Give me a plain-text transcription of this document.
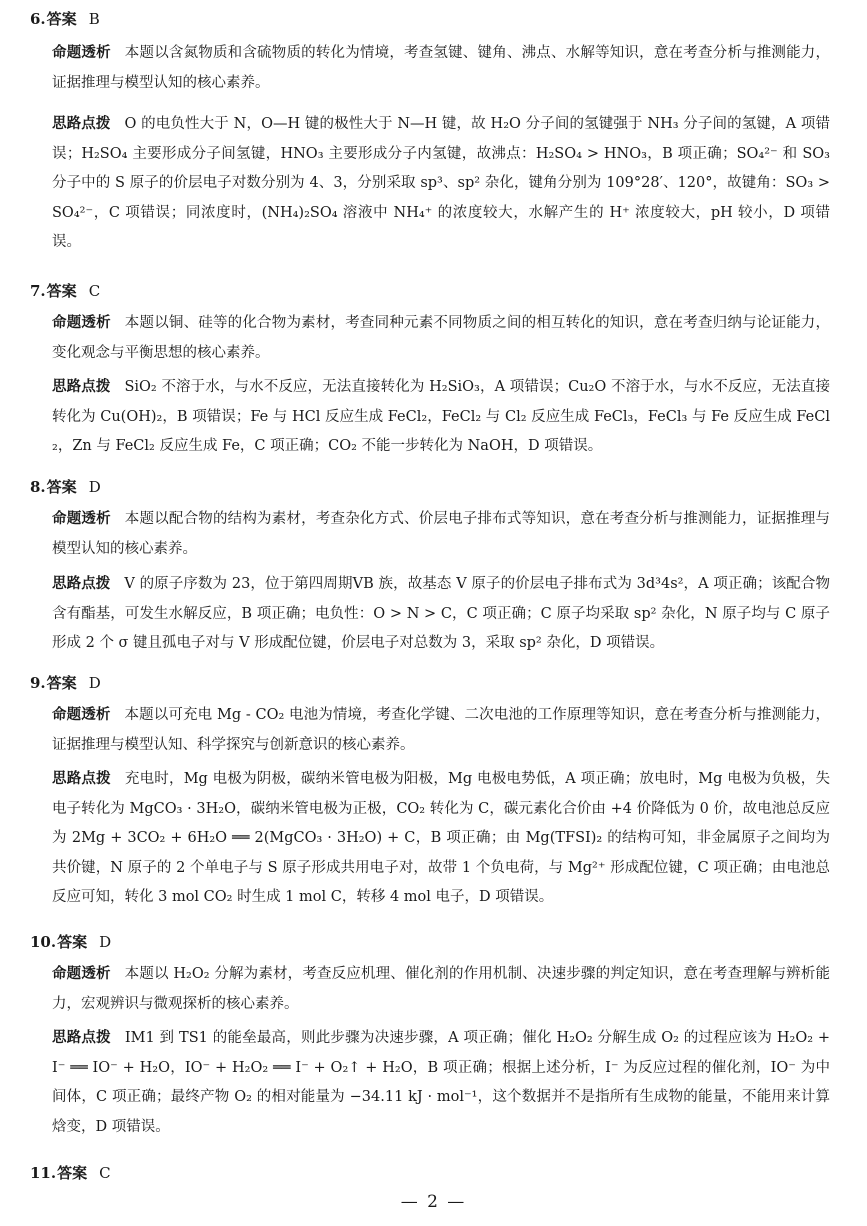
6.答案 B
命题透析 本题以含氮物质和含硫物质的转化为情境，考查氢键、键角、沸点、水解等知识，意在考查分析与推测能力，证据推理与模型认知的核心素养。
思路点拨 O 的电负性大于 N，O—H 键的极性大于 N—H 键，故 H₂O 分子间的氢键强于 NH₃ 分子间的氢键，A 项错误；H₂SO₄ 主要形成分子间氢键，HNO₃ 主要形成分子内氢键，故沸点：H₂SO₄ > HNO₃，B 项正确；SO₄²⁻ 和 SO₃ 分子中的 S 原子的价层电子对数分别为 4、3，分别采取 sp³、sp² 杂化，键角分别为 109°28′、120°，故键角：SO₃ > SO₄²⁻，C 项错误；同浓度时，(NH₄)₂SO₄ 溶液中 NH₄⁺ 的浓度较大，水解产生的 H⁺ 浓度较大，pH 较小，D 项错误。
7.答案 C
命题透析 本题以铜、硅等的化合物为素材，考查同种元素不同物质之间的相互转化的知识，意在考查归纳与论证能力，变化观念与平衡思想的核心素养。
思路点拨 SiO₂ 不溶于水，与水不反应，无法直接转化为 H₂SiO₃，A 项错误；Cu₂O 不溶于水，与水不反应，无法直接转化为 Cu(OH)₂，B 项错误；Fe 与 HCl 反应生成 FeCl₂，FeCl₂ 与 Cl₂ 反应生成 FeCl₃，FeCl₃ 与 Fe 反应生成 FeCl₂，Zn 与 FeCl₂ 反应生成 Fe，C 项正确；CO₂ 不能一步转化为 NaOH，D 项错误。
8.答案 D
命题透析 本题以配合物的结构为素材，考查杂化方式、价层电子排布式等知识，意在考查分析与推测能力，证据推理与模型认知的核心素养。
思路点拨 V 的原子序数为 23，位于第四周期ⅤB 族，故基态 V 原子的价层电子排布式为 3d³4s²，A 项正确；该配合物含有酯基，可发生水解反应，B 项正确；电负性：O > N > C，C 项正确；C 原子均采取 sp² 杂化，N 原子均与 C 原子形成 2 个 σ 键且孤电子对与 V 形成配位键，价层电子对总数为 3，采取 sp² 杂化，D 项错误。
9.答案 D
命题透析 本题以可充电 Mg - CO₂ 电池为情境，考查化学键、二次电池的工作原理等知识，意在考查分析与推测能力，证据推理与模型认知、科学探究与创新意识的核心素养。
思路点拨 充电时，Mg 电极为阴极，碳纳米管电极为阳极，Mg 电极电势低，A 项正确；放电时，Mg 电极为负极，失电子转化为 MgCO₃ · 3H₂O，碳纳米管电极为正极，CO₂ 转化为 C，碳元素化合价由 +4 价降低为 0 价，故电池总反应为 2Mg + 3CO₂ + 6H₂O ══ 2(MgCO₃ · 3H₂O) + C，B 项正确；由 Mg(TFSI)₂ 的结构可知，非金属原子之间均为共价键，N 原子的 2 个单电子与 S 原子形成共用电子对，故带 1 个负电荷，与 Mg²⁺ 形成配位键，C 项正确；由电池总反应可知，转化 3 mol CO₂ 时生成 1 mol C，转移 4 mol 电子，D 项错误。
10.答案 D
命题透析 本题以 H₂O₂ 分解为素材，考查反应机理、催化剂的作用机制、决速步骤的判定知识，意在考查理解与辨析能力，宏观辨识与微观探析的核心素养。
思路点拨 IM1 到 TS1 的能垒最高，则此步骤为决速步骤，A 项正确；催化 H₂O₂ 分解生成 O₂ 的过程应该为 H₂O₂ + I⁻ ══ IO⁻ + H₂O，IO⁻ + H₂O₂ ══ I⁻ + O₂↑ + H₂O，B 项正确；根据上述分析，I⁻ 为反应过程的催化剂，IO⁻ 为中间体，C 项正确；最终产物 O₂ 的相对能量为 −34.11 kJ · mol⁻¹，这个数据并不是指所有生成物的能量，不能用来计算焓变，D 项错误。
11.答案 C
— 2 —
